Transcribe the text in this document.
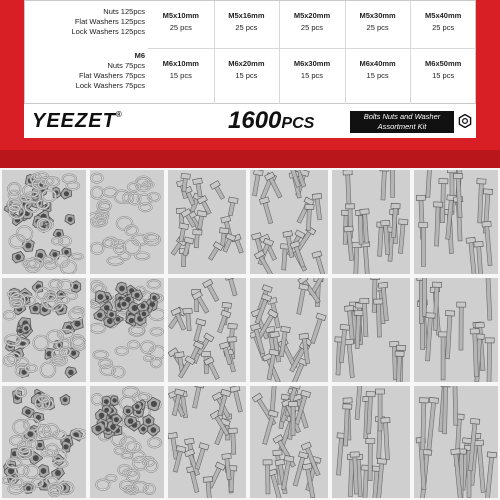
Nuts 125pcs
Flat Washers 125pcs
Lock Washers 125pcs
M6
Nuts 75pcs
Flat Washers 75pcs
Lock Washers 75pcs
M5x10mm
25 pcs
M5x16mm
25 pcs
M5x20mm
25 pcs
M5x30mm
25 pcs
M5x40mm
25 pcs
M6x10mm
15 pcs
M6x20mm
15 pcs
M6x30mm
15 pcs
M6x40mm
15 pcs
M6x50mm
15 pcs
YEEZET®	1600PCS	Bolts Nuts and Washer
Assortment Kit
